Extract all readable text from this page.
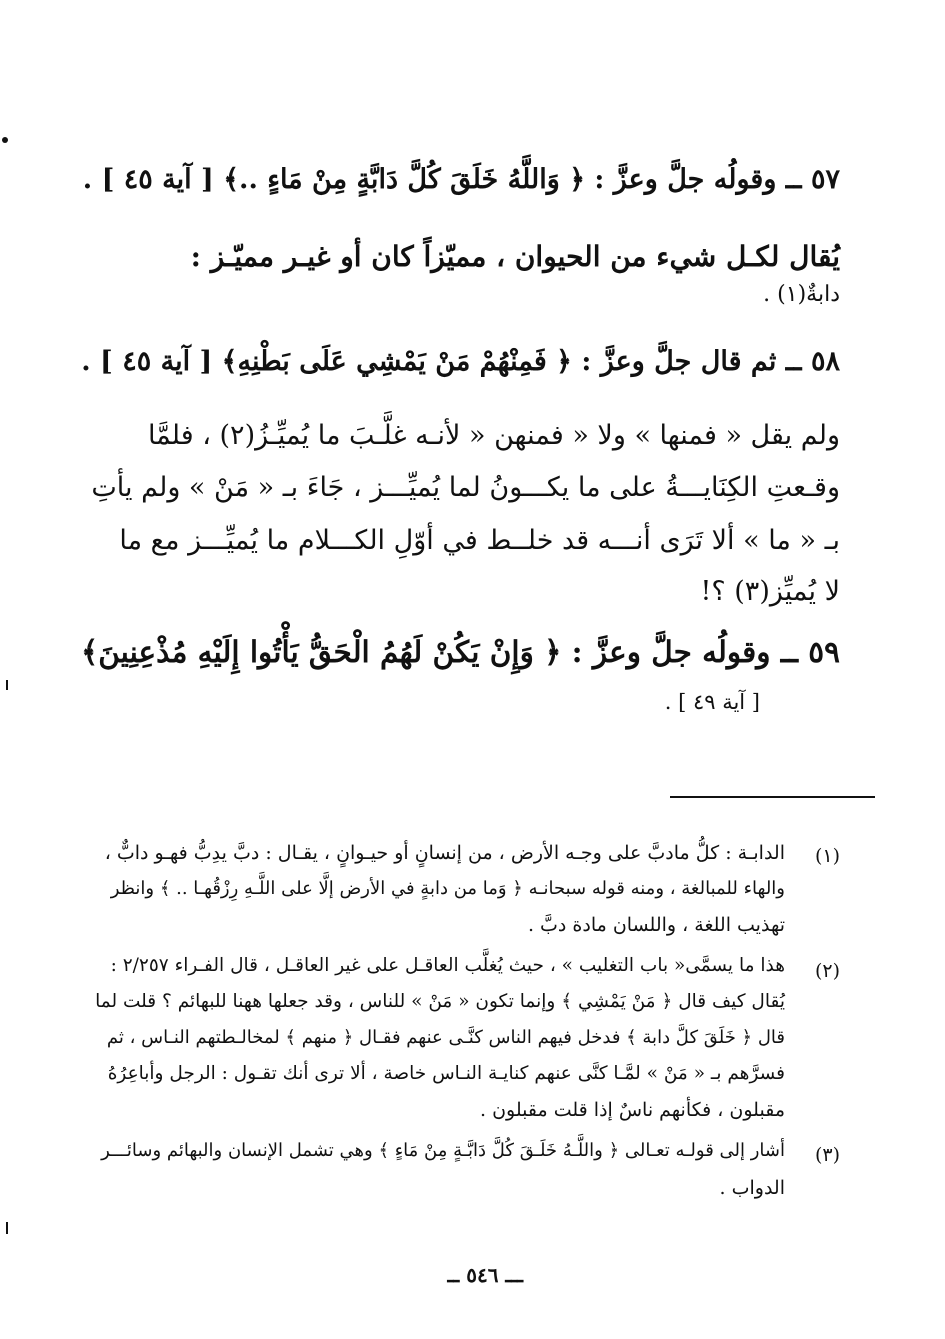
٥٧ ــ وقولُه جلَّ وعزَّ : ﴿ وَاللَّهُ خَلَقَ كُلَّ دَابَّةٍ مِنْ مَاءٍ ..﴾ [ آية ٤٥ ] .
يُقال لكـل شيء من الحيوان ، مميّزاً كان أو غيـر مميّـز :
دابةٌ(١) .
٥٨ ــ ثم قال جلَّ وعزَّ : ﴿ فَمِنْهُمْ مَنْ يَمْشِي عَلَى بَطْنِهِ﴾ [ آية ٤٥ ] .
ولم يقل « فمنها » ولا « فمنهن « لأنـه غلَّـبَ ما يُميِّـزُ(٢) ، فلمَّا
وقـعتِ الكِنَايـــةُ على ما يكـــونُ لما يُميِّـــز ، جَاءَ بـ « مَنْ » ولم يأتِ
بـ « ما » ألا تَرَى أنـــه قد خلــط في أوّلِ الكـــلام ما يُميِّـــز مع ما
لا يُميِّز(٣) ؟!
٥٩ ــ وقولُه جلَّ وعزَّ : ﴿ وَإِنْ يَكُنْ لَهُمُ الْحَقُّ يَأْتُوا إِلَيْهِ مُذْعِنِينَ﴾
[ آية ٤٩ ] .
(١)
الدابـة : كلُّ مادبَّ على وجـه الأرض ، من إنسانٍ أو حيـوانٍ ، يقـال : دبَّ يدِبُّ فهـو دابٌّ ،
والهاء للمبالغة ، ومنه قوله سبحانـه ﴿ وَما من دابةٍ في الأرض إلَّا على اللَّـهِ رِزْقُهـا .. ﴾ وانظر
تهذيب اللغة ، واللسان مادة دبَّ .
(٢)
هذا ما يسمَّى« باب التغليب » ، حيث يُغلَّب العاقـل على غير العاقـل ، قال الفـراء ٢/٢٥٧ :
يُقال كيف قال ﴿ مَنْ يَمْشِي ﴾ وإنما تكون « مَنْ » للناس ، وقد جعلها ههنا للبهائم ؟ قلت لما
قال ﴿ خَلَقَ كلَّ دابة ﴾ فدخل فيهم الناس كنَّـى عنهم فقـال ﴿ منهم ﴾ لمخالـطتهم النـاس ، ثم
فسرَّهم بـ « مَنْ » لمَّـا كنَّى عنهم كنايـة النـاس خاصة ، ألا ترى أنك تقـول : الرجل وأباعِرُهُ
مقبلون ، فكأنهم ناسٌ إذا قلت مقبلون .
(٣)
أشار إلى قولـه تعـالى ﴿ واللَّـهُ خَلَـقَ كُلَّ دَابَّـةٍ مِنْ مَاءٍ ﴾ وهي تشمل الإنسان والبهائم وسائـــر
الدواب .
ـــ ٥٤٦ ــ
